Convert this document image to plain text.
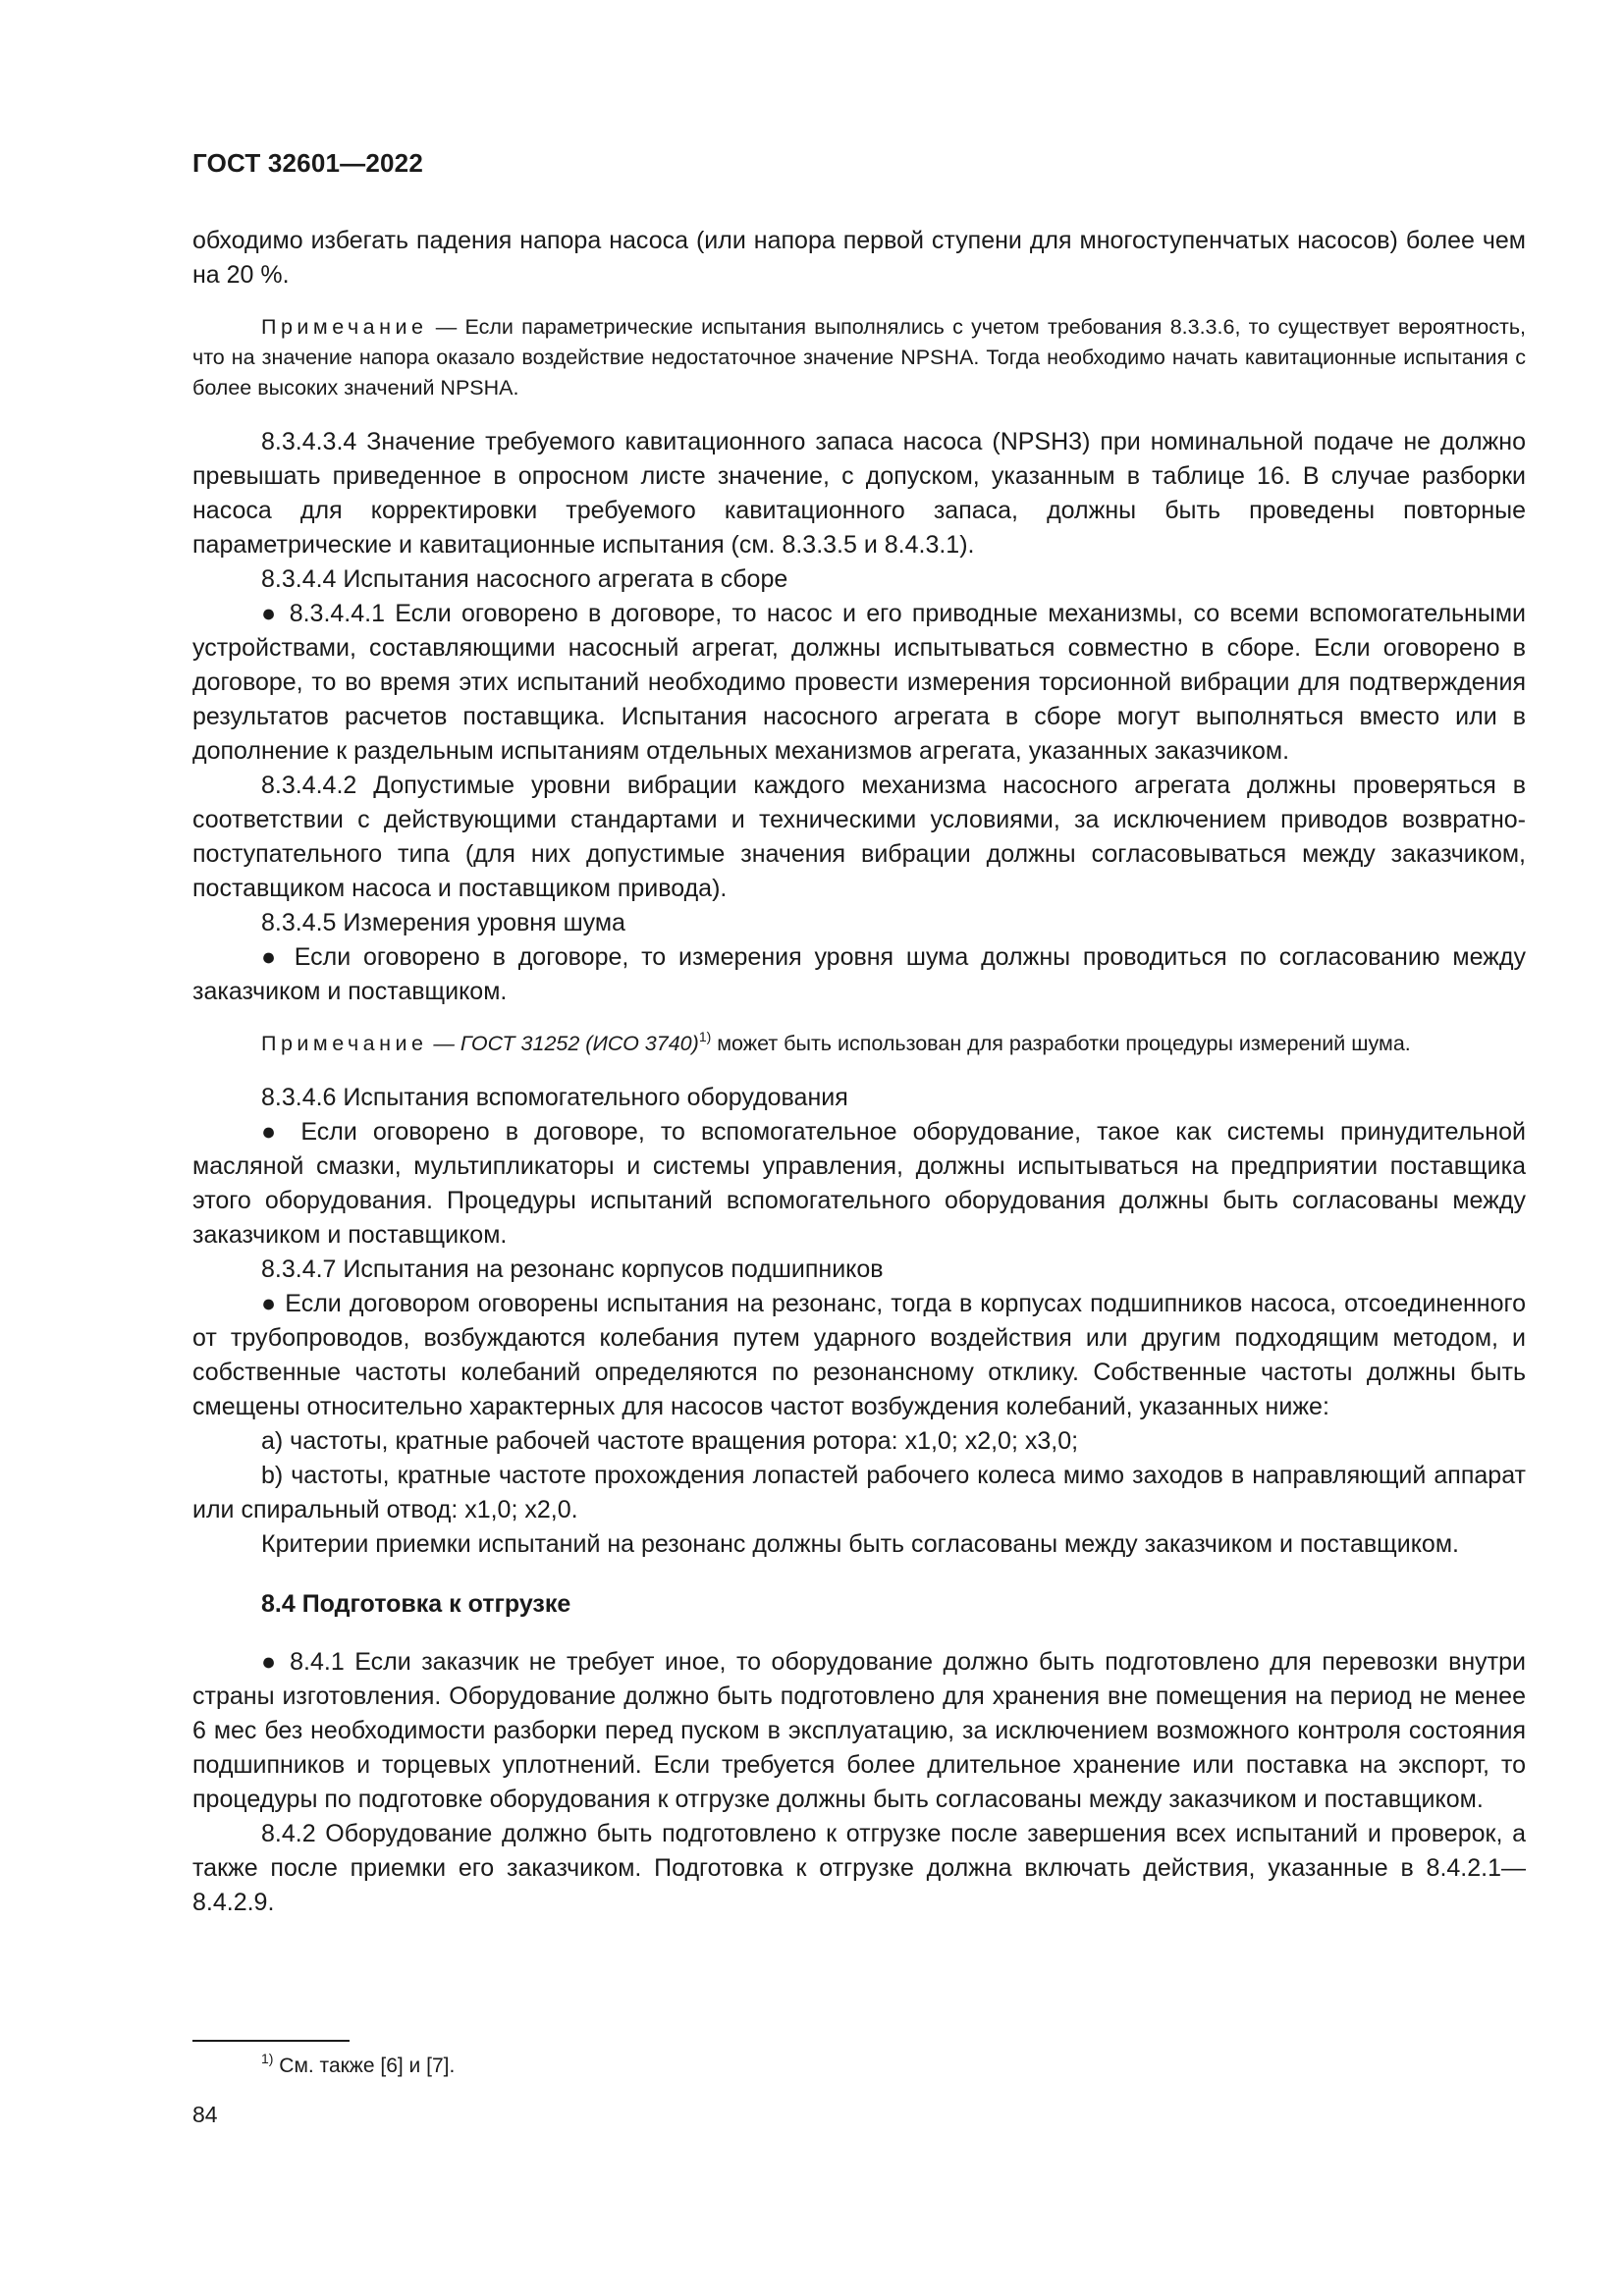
ГОСТ 32601—2022

обходимо избегать падения напора насоса (или напора первой ступени для многоступенчатых насосов) более чем на 20 %.

Примечание — Если параметрические испытания выполнялись с учетом требования 8.3.3.6, то существует вероятность, что на значение напора оказало воздействие недостаточное значение NPSHA. Тогда необходимо начать кавитационные испытания с более высоких значений NPSHA.

8.3.4.3.4 Значение требуемого кавитационного запаса насоса (NPSH3) при номинальной подаче не должно превышать приведенное в опросном листе значение, с допуском, указанным в таблице 16. В случае разборки насоса для корректировки требуемого кавитационного запаса, должны быть проведены повторные параметрические и кавитационные испытания (см. 8.3.3.5 и 8.4.3.1).

8.3.4.4 Испытания насосного агрегата в сборе

● 8.3.4.4.1 Если оговорено в договоре, то насос и его приводные механизмы, со всеми вспомогательными устройствами, составляющими насосный агрегат, должны испытываться совместно в сборе. Если оговорено в договоре, то во время этих испытаний необходимо провести измерения торсионной вибрации для подтверждения результатов расчетов поставщика. Испытания насосного агрегата в сборе могут выполняться вместо или в дополнение к раздельным испытаниям отдельных механизмов агрегата, указанных заказчиком.

8.3.4.4.2 Допустимые уровни вибрации каждого механизма насосного агрегата должны проверяться в соответствии с действующими стандартами и техническими условиями, за исключением приводов возвратно-поступательного типа (для них допустимые значения вибрации должны согласовываться между заказчиком, поставщиком насоса и поставщиком привода).

8.3.4.5 Измерения уровня шума

● Если оговорено в договоре, то измерения уровня шума должны проводиться по согласованию между заказчиком и поставщиком.

Примечание — ГОСТ 31252 (ИСО 3740)$^{1)}$ может быть использован для разработки процедуры измерений шума.

8.3.4.6 Испытания вспомогательного оборудования

● Если оговорено в договоре, то вспомогательное оборудование, такое как системы принудительной масляной смазки, мультипликаторы и системы управления, должны испытываться на предприятии поставщика этого оборудования. Процедуры испытаний вспомогательного оборудования должны быть согласованы между заказчиком и поставщиком.

8.3.4.7 Испытания на резонанс корпусов подшипников

● Если договором оговорены испытания на резонанс, тогда в корпусах подшипников насоса, отсоединенного от трубопроводов, возбуждаются колебания путем ударного воздействия или другим подходящим методом, и собственные частоты колебаний определяются по резонансному отклику. Собственные частоты должны быть смещены относительно характерных для насосов частот возбуждения колебаний, указанных ниже:

a) частоты, кратные рабочей частоте вращения ротора: x1,0; x2,0; x3,0;

b) частоты, кратные частоте прохождения лопастей рабочего колеса мимо заходов в направляющий аппарат или спиральный отвод: x1,0; x2,0.

Критерии приемки испытаний на резонанс должны быть согласованы между заказчиком и поставщиком.

8.4 Подготовка к отгрузке

● 8.4.1 Если заказчик не требует иное, то оборудование должно быть подготовлено для перевозки внутри страны изготовления. Оборудование должно быть подготовлено для хранения вне помещения на период не менее 6 мес без необходимости разборки перед пуском в эксплуатацию, за исключением возможного контроля состояния подшипников и торцевых уплотнений. Если требуется более длительное хранение или поставка на экспорт, то процедуры по подготовке оборудования к отгрузке должны быть согласованы между заказчиком и поставщиком.

8.4.2 Оборудование должно быть подготовлено к отгрузке после завершения всех испытаний и проверок, а также после приемки его заказчиком. Подготовка к отгрузке должна включать действия, указанные в 8.4.2.1—8.4.2.9.

$^{1)}$ См. также [6] и [7].
84
